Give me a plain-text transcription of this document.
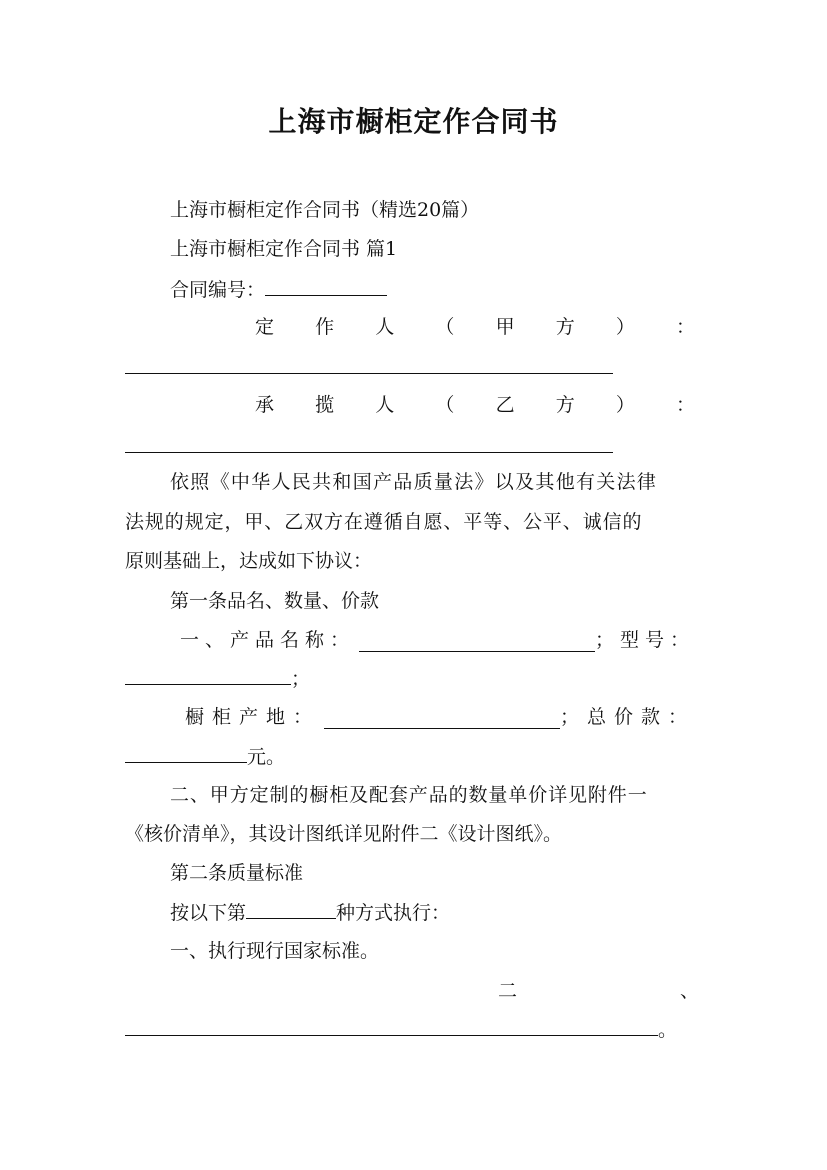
上海市橱柜定作合同书
上海市橱柜定作合同书（精选20篇）
上海市橱柜定作合同书 篇1
合同编号：
定 作 人 （ 甲 方 ） ：
承 揽 人 （ 乙 方 ） ：
依照《中华人民共和国产品质量法》以及其他有关法律
法规的规定，甲、乙双方在遵循自愿、平等、公平、诚信的
原则基础上，达成如下协议：
第一条品名、数量、价款
一、产品名称：	；型号：
；
橱柜产地：	；总价款：
元。
二、甲方定制的橱柜及配套产品的数量单价详见附件一
《核价清单》，其设计图纸详见附件二《设计图纸》。
第二条质量标准
按以下第	种方式执行：
一、执行现行国家标准。
二	、
。
